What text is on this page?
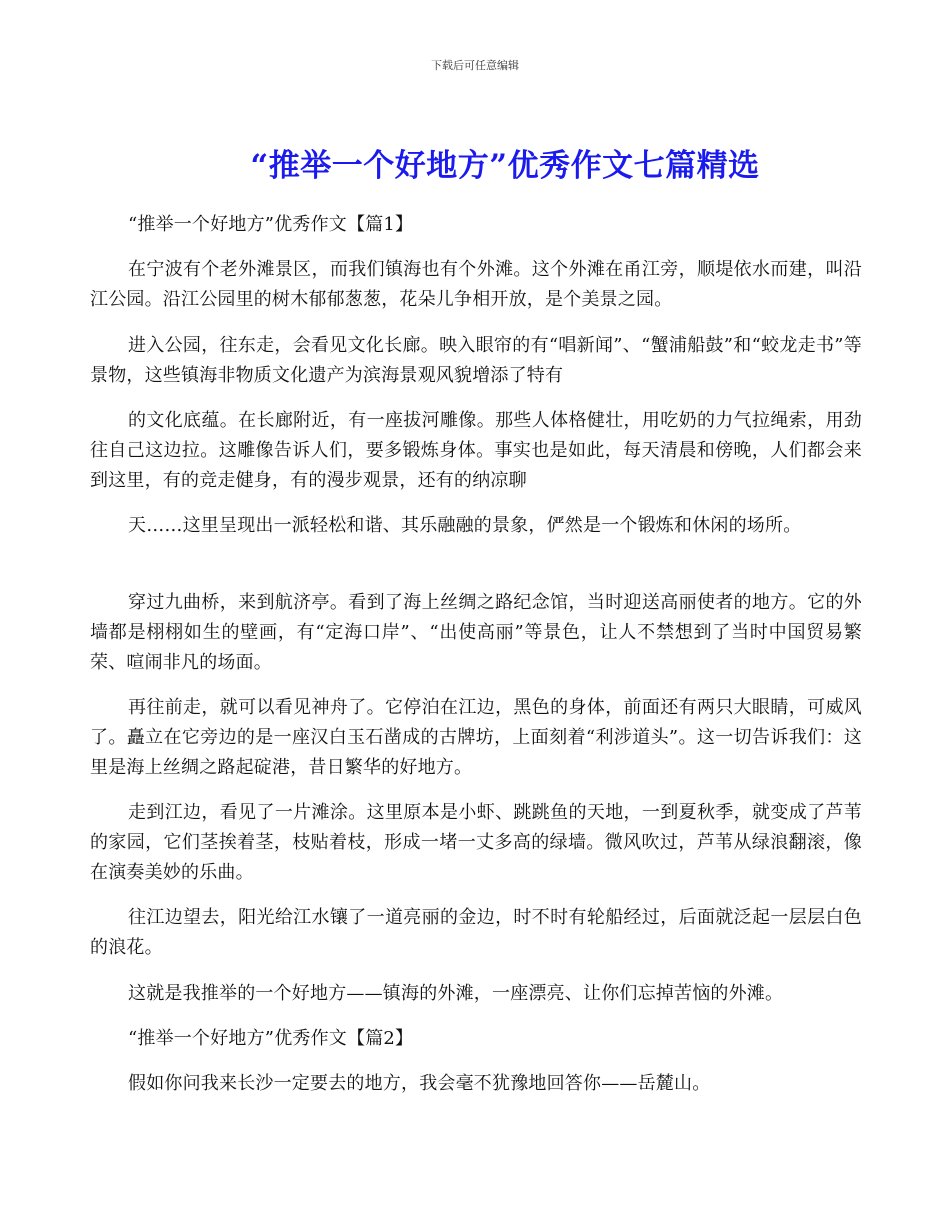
下载后可任意编辑
“推举一个好地方”优秀作文七篇精选

“推举一个好地方”优秀作文【篇1】

在宁波有个老外滩景区，而我们镇海也有个外滩。这个外滩在甬江旁，顺堤依水而建，叫沿江公园。沿江公园里的树木郁郁葱葱，花朵儿争相开放，是个美景之园。

进入公园，往东走，会看见文化长廊。映入眼帘的有“唱新闻”、“蟹浦船鼓”和“蛟龙走书”等景物，这些镇海非物质文化遗产为滨海景观风貌增添了特有

的文化底蕴。在长廊附近，有一座拔河雕像。那些人体格健壮，用吃奶的力气拉绳索，用劲往自己这边拉。这雕像告诉人们，要多锻炼身体。事实也是如此，每天清晨和傍晚，人们都会来到这里，有的竞走健身，有的漫步观景，还有的纳凉聊

天……这里呈现出一派轻松和谐、其乐融融的景象，俨然是一个锻炼和休闲的场所。

穿过九曲桥，来到航济亭。看到了海上丝绸之路纪念馆，当时迎送高丽使者的地方。它的外墙都是栩栩如生的壁画，有“定海口岸”、“出使高丽”等景色，让人不禁想到了当时中国贸易繁荣、喧闹非凡的场面。

再往前走，就可以看见神舟了。它停泊在江边，黑色的身体，前面还有两只大眼睛，可威风了。矗立在它旁边的是一座汉白玉石凿成的古牌坊，上面刻着“利涉道头”。这一切告诉我们：这里是海上丝绸之路起碇港，昔日繁华的好地方。

走到江边，看见了一片滩涂。这里原本是小虾、跳跳鱼的天地，一到夏秋季，就变成了芦苇的家园，它们茎挨着茎，枝贴着枝，形成一堵一丈多高的绿墙。微风吹过，芦苇从绿浪翻滚，像在演奏美妙的乐曲。

往江边望去，阳光给江水镶了一道亮丽的金边，时不时有轮船经过，后面就泛起一层层白色的浪花。

这就是我推举的一个好地方——镇海的外滩，一座漂亮、让你们忘掉苦恼的外滩。

“推举一个好地方”优秀作文【篇2】

假如你问我来长沙一定要去的地方，我会毫不犹豫地回答你——岳麓山。
